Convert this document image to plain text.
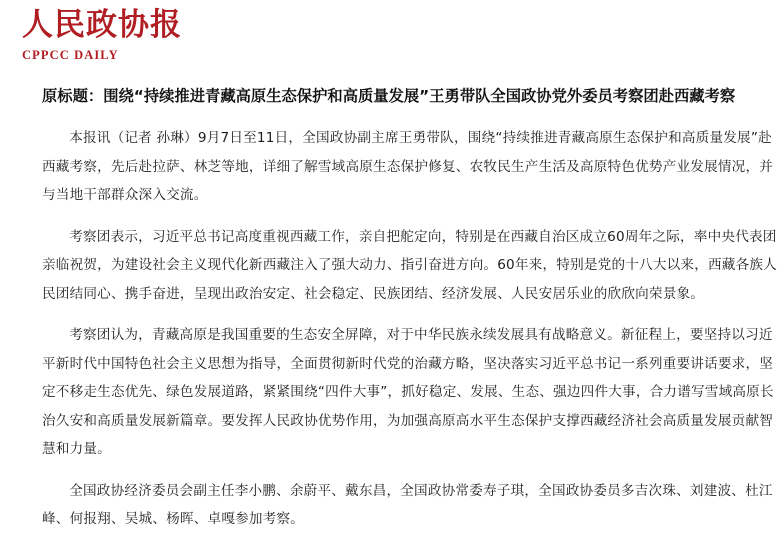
人民政协报
CPPCC DAILY
原标题：围绕“持续推进青藏高原生态保护和高质量发展”王勇带队全国政协党外委员考察团赴西藏考察

本报讯（记者 孙琳）9月7日至11日，全国政协副主席王勇带队，围绕“持续推进青藏高原生态保护和高质量发展”赴西藏考察，先后赴拉萨、林芝等地，详细了解雪域高原生态保护修复、农牧民生产生活及高原特色优势产业发展情况，并与当地干部群众深入交流。

考察团表示，习近平总书记高度重视西藏工作，亲自把舵定向，特别是在西藏自治区成立60周年之际，率中央代表团亲临祝贺，为建设社会主义现代化新西藏注入了强大动力、指引奋进方向。60年来，特别是党的十八大以来，西藏各族人民团结同心、携手奋进，呈现出政治安定、社会稳定、民族团结、经济发展、人民安居乐业的欣欣向荣景象。

考察团认为，青藏高原是我国重要的生态安全屏障，对于中华民族永续发展具有战略意义。新征程上，要坚持以习近平新时代中国特色社会主义思想为指导，全面贯彻新时代党的治藏方略，坚决落实习近平总书记一系列重要讲话要求，坚定不移走生态优先、绿色发展道路，紧紧围绕“四件大事”，抓好稳定、发展、生态、强边四件大事，合力谱写雪域高原长治久安和高质量发展新篇章。要发挥人民政协优势作用，为加强高原高水平生态保护支撑西藏经济社会高质量发展贡献智慧和力量。

全国政协经济委员会副主任李小鹏、余蔚平、戴东昌，全国政协常委寿子琪，全国政协委员多吉次珠、刘建波、杜江峰、何报翔、吴城、杨晖、卓嘎参加考察。
